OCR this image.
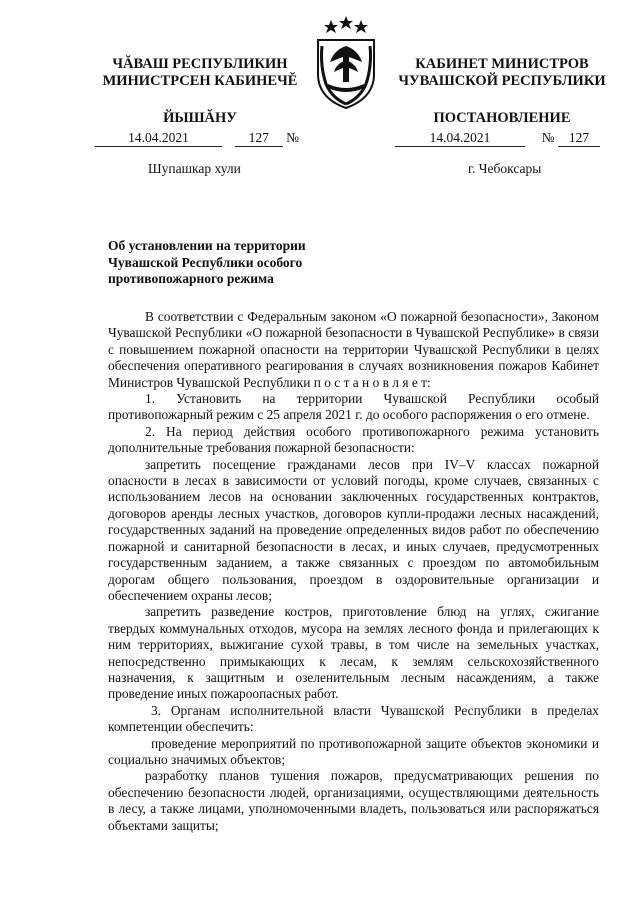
ЧĂВАШ РЕСПУБЛИКИН
МИНИСТРСЕН КАБИНЕЧĔ
ЙЫШĂНУ
КАБИНЕТ МИНИСТРОВ
ЧУВАШСКОЙ РЕСПУБЛИКИ
ПОСТАНОВЛЕНИЕ
14.04.2021	127 №	14.04.2021	№ 127
Шупашкар хули	г. Чебоксары
Об установлении на территории
Чувашской Республики особого
противопожарного режима

В соответствии с Федеральным законом «О пожарной безопасности», Законом Чувашской Республики «О пожарной безопасности в Чувашской Республике» в связи с повышением пожарной опасности на территории Чувашской Республики в целях обеспечения оперативного реагирования в случаях возникновения пожаров Кабинет Министров Чувашской Республики п о с т а н о в л я е т:

1. Установить на территории Чувашской Республики особый противопожарный режим с 25 апреля 2021 г. до особого распоряжения о его отмене.

2. На период действия особого противопожарного режима установить дополнительные требования пожарной безопасности:

запретить посещение гражданами лесов при IV–V классах пожарной опасности в лесах в зависимости от условий погоды, кроме случаев, связанных с использованием лесов на основании заключенных государственных контрактов, договоров аренды лесных участков, договоров купли-продажи лесных насаждений, государственных заданий на проведение определенных видов работ по обеспечению пожарной и санитарной безопасности в лесах, и иных случаев, предусмотренных государственным заданием, а также связанных с проездом по автомобильным дорогам общего пользования, проездом в оздоровительные организации и обеспечением охраны лесов;

запретить разведение костров, приготовление блюд на углях, сжигание твердых коммунальных отходов, мусора на землях лесного фонда и прилегающих к ним территориях, выжигание сухой травы, в том числе на земельных участках, непосредственно примыкающих к лесам, к землям сельскохозяйственного назначения, к защитным и озеленительным лесным насаждениям, а также проведение иных пожароопасных работ.

3. Органам исполнительной власти Чувашской Республики в пределах компетенции обеспечить:

проведение мероприятий по противопожарной защите объектов экономики и социально значимых объектов;

разработку планов тушения пожаров, предусматривающих решения по обеспечению безопасности людей, организациями, осуществляющими деятельность в лесу, а также лицами, уполномоченными владеть, пользоваться или распоряжаться объектами защиты;
